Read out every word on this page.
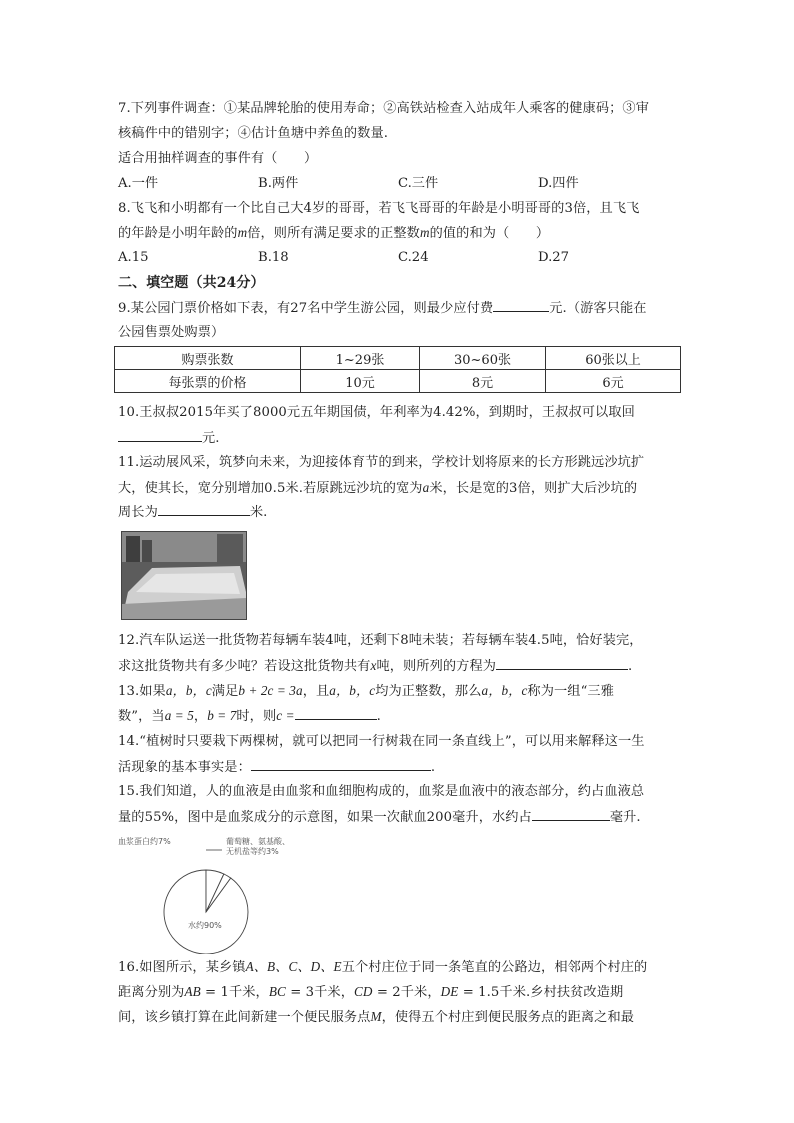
7.下列事件调查：①某品牌轮胎的使用寿命；②高铁站检查入站成年人乘客的健康码；③审
核稿件中的错别字；④估计鱼塘中养鱼的数量.
适合用抽样调查的事件有（　　）
A.一件	B.两件	C.三件	D.四件
8.飞飞和小明都有一个比自己大4岁的哥哥，若飞飞哥哥的年龄是小明哥哥的3倍，且飞飞
的年龄是小明年龄的m倍，则所有满足要求的正整数m的值的和为（　　）
A.15	B.18	C.24	D.27
二、填空题（共24分）
9.某公园门票价格如下表，有27名中学生游公园，则最少应付费	元.（游客只能在
公园售票处购票）
购票张数	1~29张	30~60张	60张以上
每张票的价格	10元	8元	6元
10.王叔叔2015年买了8000元五年期国债，年利率为4.42%，到期时，王叔叔可以取回
元.
11.运动展风采，筑梦向未来，为迎接体育节的到来，学校计划将原来的长方形跳远沙坑扩
大，使其长，宽分别增加0.5米.若原跳远沙坑的宽为a米，长是宽的3倍，则扩大后沙坑的
周长为	米.
12.汽车队运送一批货物若每辆车装4吨，还剩下8吨未装；若每辆车装4.5吨，恰好装完，
求这批货物共有多少吨？若设这批货物共有x吨，则所列的方程为	.
13.如果a，b，c满足b + 2c = 3a，且a，b，c均为正整数，那么a，b，c称为一组“三雅
数”，当a = 5，b = 7时，则c =	.
14.“植树时只要栽下两棵树，就可以把同一行树栽在同一条直线上”，可以用来解释这一生
活现象的基本事实是：	.
15.我们知道，人的血液是由血浆和血细胞构成的，血浆是血液中的液态部分，约占血液总
量的55%，图中是血浆成分的示意图，如果一次献血200毫升，水约占	毫升.
血浆蛋白约7%	葡萄糖、氨基酸、
无机盐等约3%
水约90%
16.如图所示，某乡镇A、B、C、D、E五个村庄位于同一条笔直的公路边，相邻两个村庄的
距离分别为AB = 1千米，BC = 3千米，CD = 2千米，DE = 1.5千米.乡村扶贫改造期
间，该乡镇打算在此间新建一个便民服务点M，使得五个村庄到便民服务点的距离之和最
